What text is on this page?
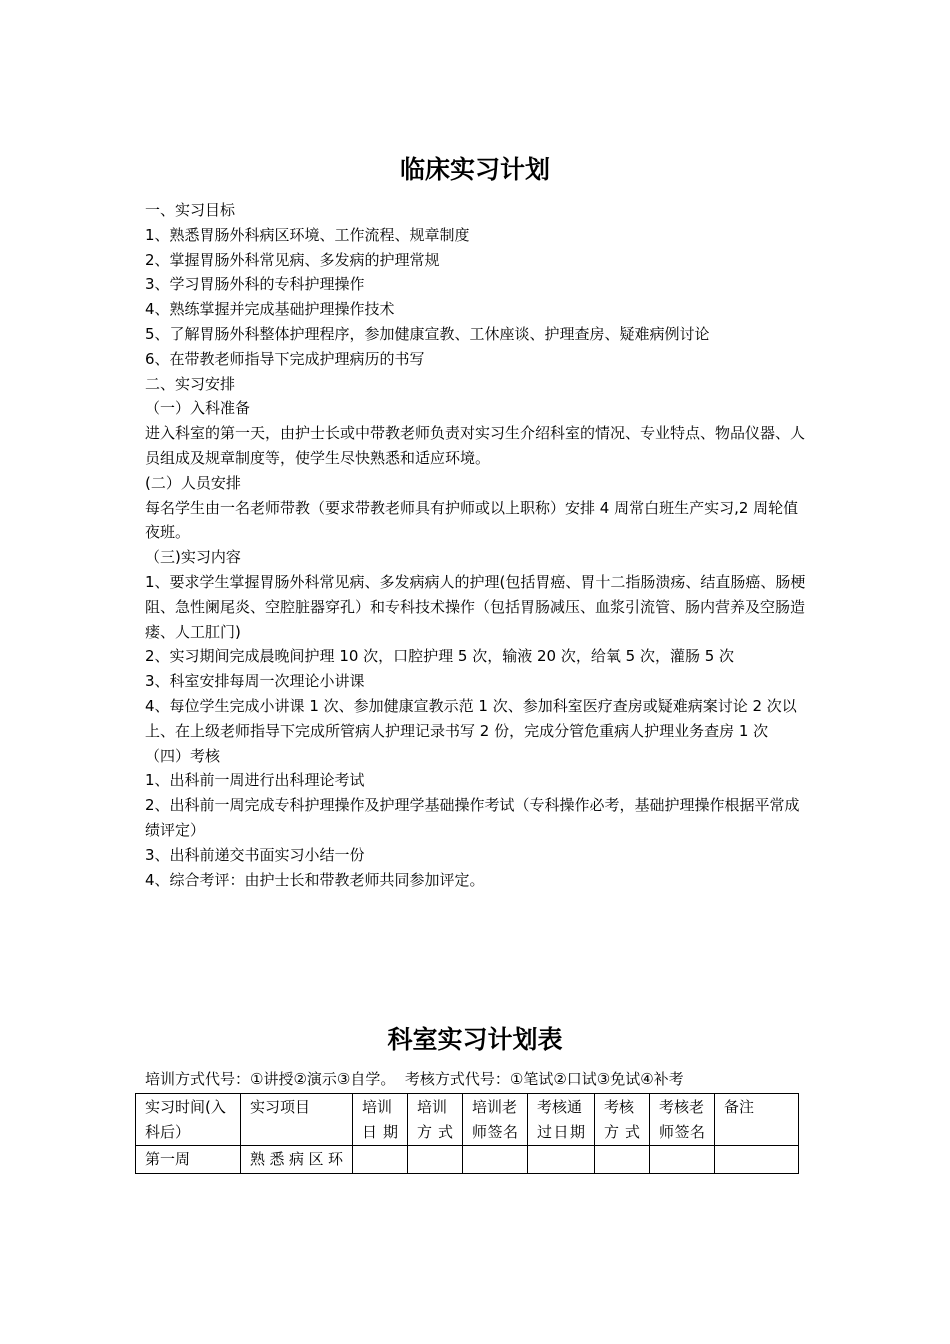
临床实习计划

一、实习目标

1、熟悉胃肠外科病区环境、工作流程、规章制度

2、掌握胃肠外科常见病、多发病的护理常规

3、学习胃肠外科的专科护理操作

4、熟练掌握并完成基础护理操作技术

5、了解胃肠外科整体护理程序，参加健康宣教、工休座谈、护理查房、疑难病例讨论

6、在带教老师指导下完成护理病历的书写

二、实习安排

（一）入科准备

进入科室的第一天，由护士长或中带教老师负责对实习生介绍科室的情况、专业特点、物品仪器、人员组成及规章制度等，使学生尽快熟悉和适应环境。

(二）人员安排

每名学生由一名老师带教（要求带教老师具有护师或以上职称）安排 4 周常白班生产实习,2 周轮值夜班。

（三)实习内容

1、要求学生掌握胃肠外科常见病、多发病病人的护理(包括胃癌、胃十二指肠溃疡、结直肠癌、肠梗阻、急性阑尾炎、空腔脏器穿孔）和专科技术操作（包括胃肠减压、血浆引流管、肠内营养及空肠造瘘、人工肛门)

2、实习期间完成晨晚间护理 10 次，口腔护理 5 次，输液 20 次，给氧 5 次，灌肠 5 次

3、科室安排每周一次理论小讲课

4、每位学生完成小讲课 1 次、参加健康宣教示范 1 次、参加科室医疗查房或疑难病案讨论 2 次以上、在上级老师指导下完成所管病人护理记录书写 2 份，完成分管危重病人护理业务查房 1 次

（四）考核

1、出科前一周进行出科理论考试

2、出科前一周完成专科护理操作及护理学基础操作考试（专科操作必考，基础护理操作根据平常成绩评定）

3、出科前递交书面实习小结一份

4、综合考评：由护士长和带教老师共同参加评定。

科室实习计划表
培训方式代号：①讲授②演示③自学。 考核方式代号：①笔试②口试③免试④补考
实习时间(入科后）	实习项目	培训日期	培训方式	培训老师签名	考核通过日期	考核方式	考核老师签名	备注
第一周	熟悉病区环							
